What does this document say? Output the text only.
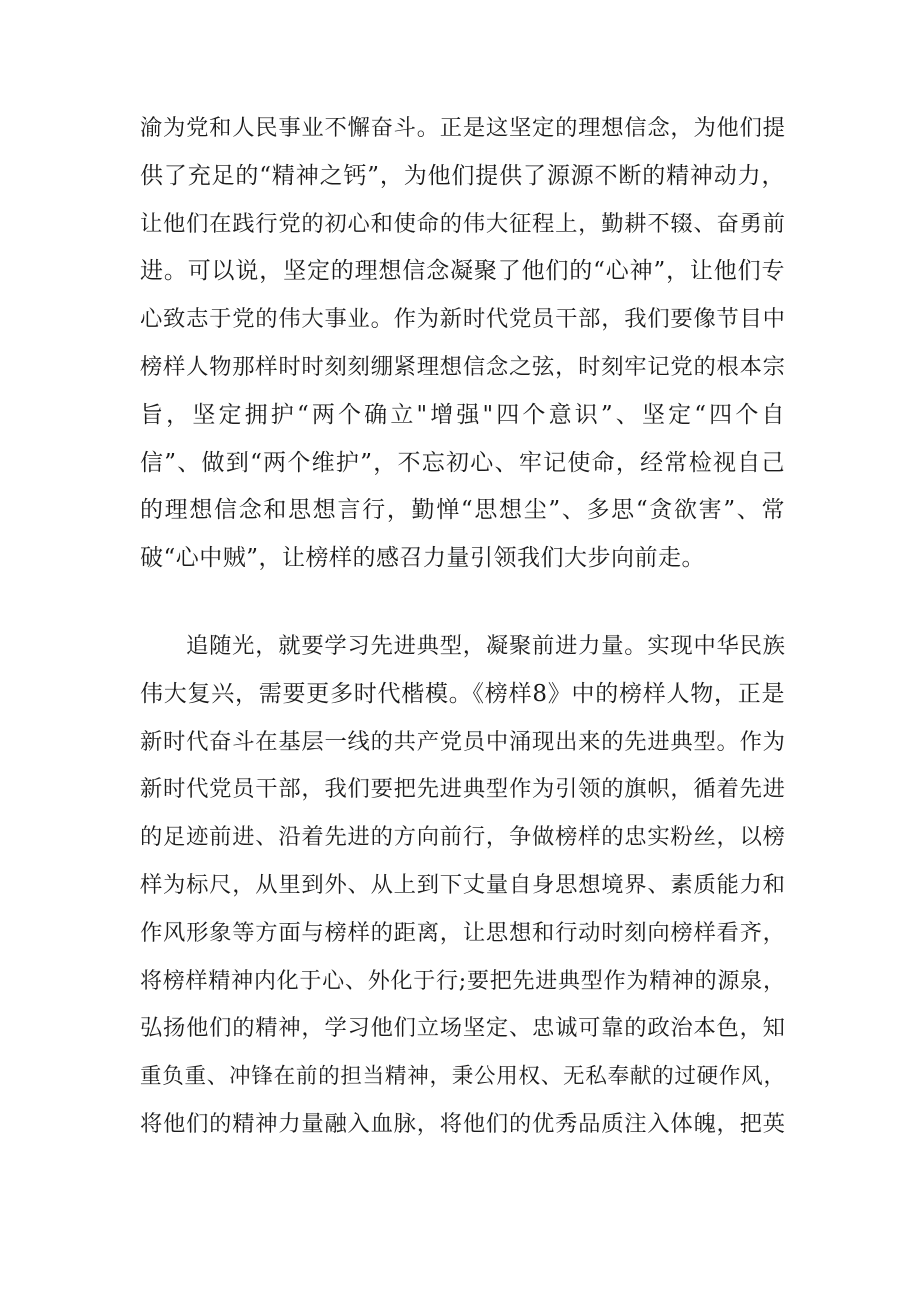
渝为党和人民事业不懈奋斗。正是这坚定的理想信念，为他们提
供了充足的“精神之钙”，为他们提供了源源不断的精神动力，
让他们在践行党的初心和使命的伟大征程上，勤耕不辍、奋勇前
进。可以说，坚定的理想信念凝聚了他们的“心神”，让他们专
心致志于党的伟大事业。作为新时代党员干部，我们要像节目中
榜样人物那样时时刻刻绷紧理想信念之弦，时刻牢记党的根本宗
旨，坚定拥护“两个确立"增强"四个意识”、坚定“四个自
信”、做到“两个维护”，不忘初心、牢记使命，经常检视自己
的理想信念和思想言行，勤惮“思想尘”、多思“贪欲害”、常
破“心中贼”，让榜样的感召力量引领我们大步向前走。
追随光，就要学习先进典型，凝聚前进力量。实现中华民族
伟大复兴，需要更多时代楷模。《榜样8》中的榜样人物，正是
新时代奋斗在基层一线的共产党员中涌现出来的先进典型。作为
新时代党员干部，我们要把先进典型作为引领的旗帜，循着先进
的足迹前进、沿着先进的方向前行，争做榜样的忠实粉丝，以榜
样为标尺，从里到外、从上到下丈量自身思想境界、素质能力和
作风形象等方面与榜样的距离，让思想和行动时刻向榜样看齐，
将榜样精神内化于心、外化于行;要把先进典型作为精神的源泉，
弘扬他们的精神，学习他们立场坚定、忠诚可靠的政治本色，知
重负重、冲锋在前的担当精神，秉公用权、无私奉献的过硬作风，
将他们的精神力量融入血脉，将他们的优秀品质注入体魄，把英
